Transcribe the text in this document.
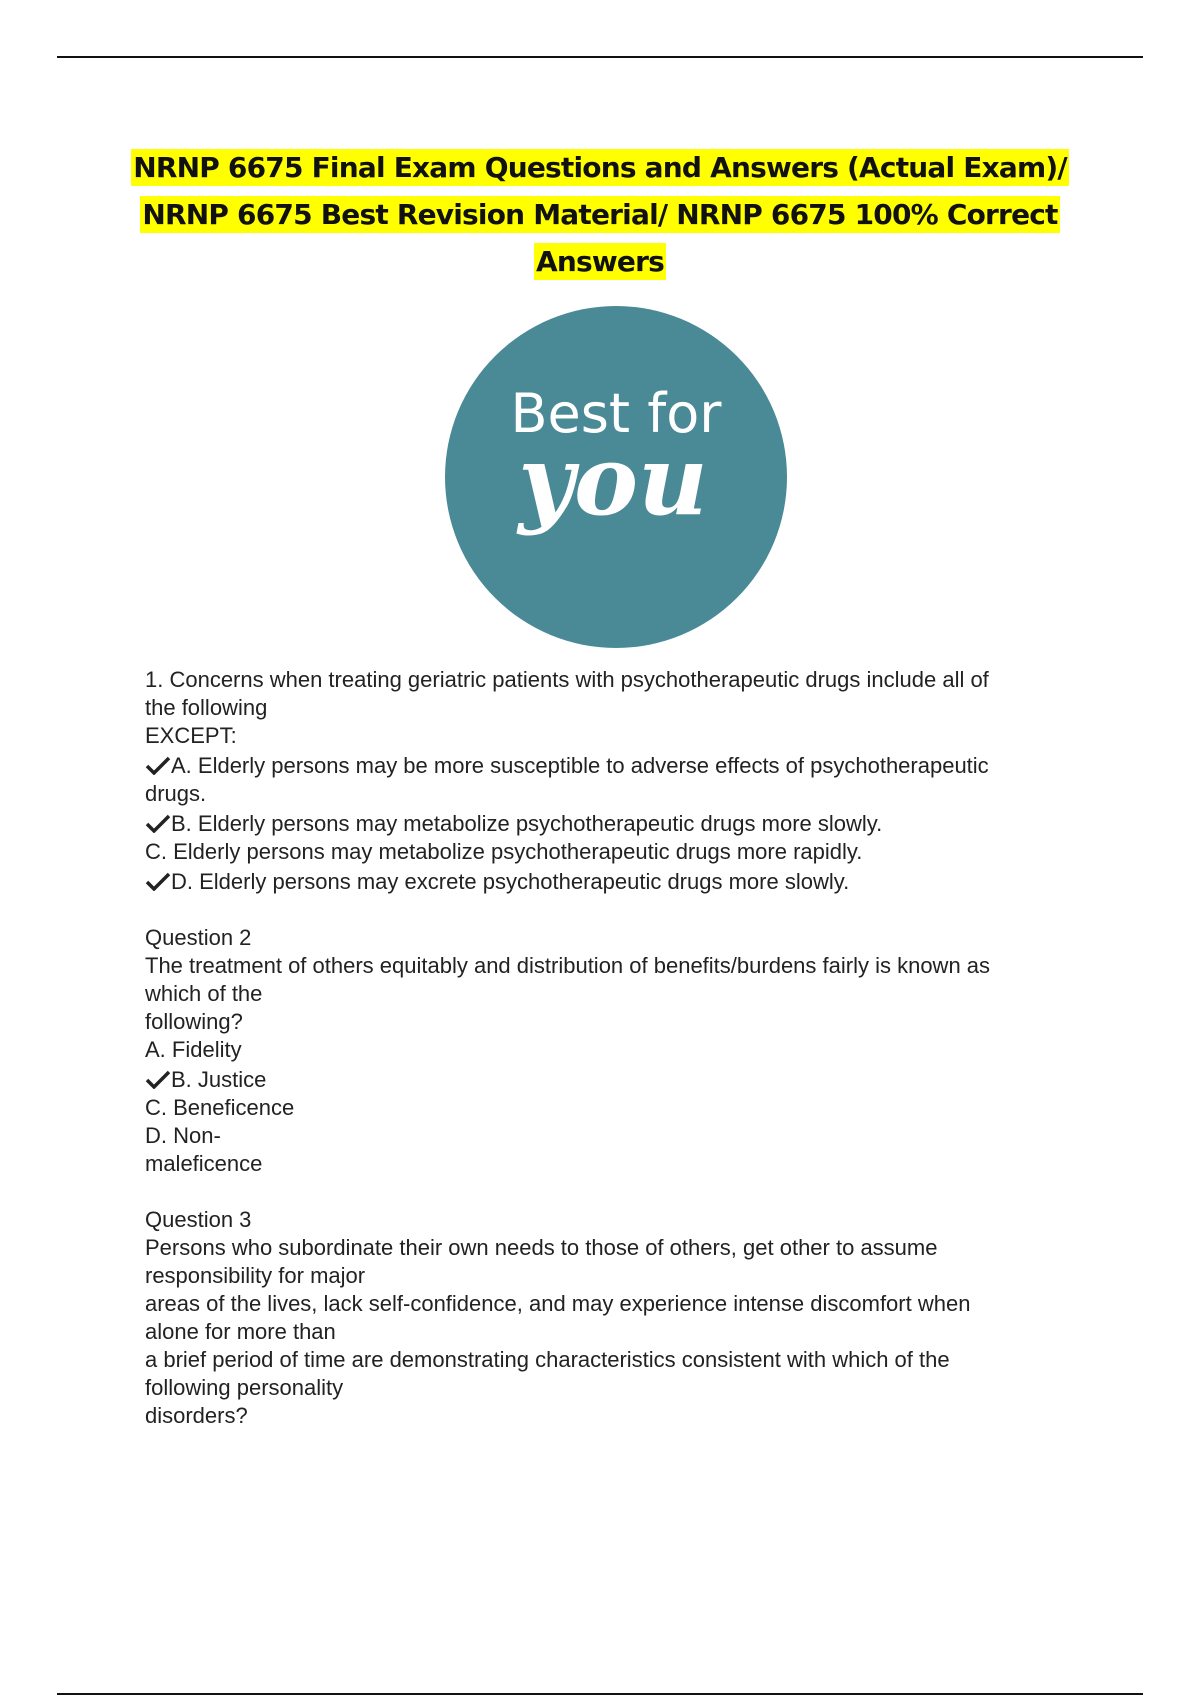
NRNP 6675 Final Exam Questions and Answers (Actual Exam)/
NRNP 6675 Best Revision Material/ NRNP 6675 100% Correct
Answers
Best for
you
1. Concerns when treating geriatric patients with psychotherapeutic drugs include all of
the following
EXCEPT:
A. Elderly persons may be more susceptible to adverse effects of psychotherapeutic
drugs.
B. Elderly persons may metabolize psychotherapeutic drugs more slowly.
C. Elderly persons may metabolize psychotherapeutic drugs more rapidly.
D. Elderly persons may excrete psychotherapeutic drugs more slowly.
Question 2
The treatment of others equitably and distribution of benefits/burdens fairly is known as
which of the
following?
A. Fidelity
B. Justice
C. Beneficence
D. Non-
maleficence
Question 3
Persons who subordinate their own needs to those of others, get other to assume
responsibility for major
areas of the lives, lack self-confidence, and may experience intense discomfort when
alone for more than
a brief period of time are demonstrating characteristics consistent with which of the
following personality
disorders?
